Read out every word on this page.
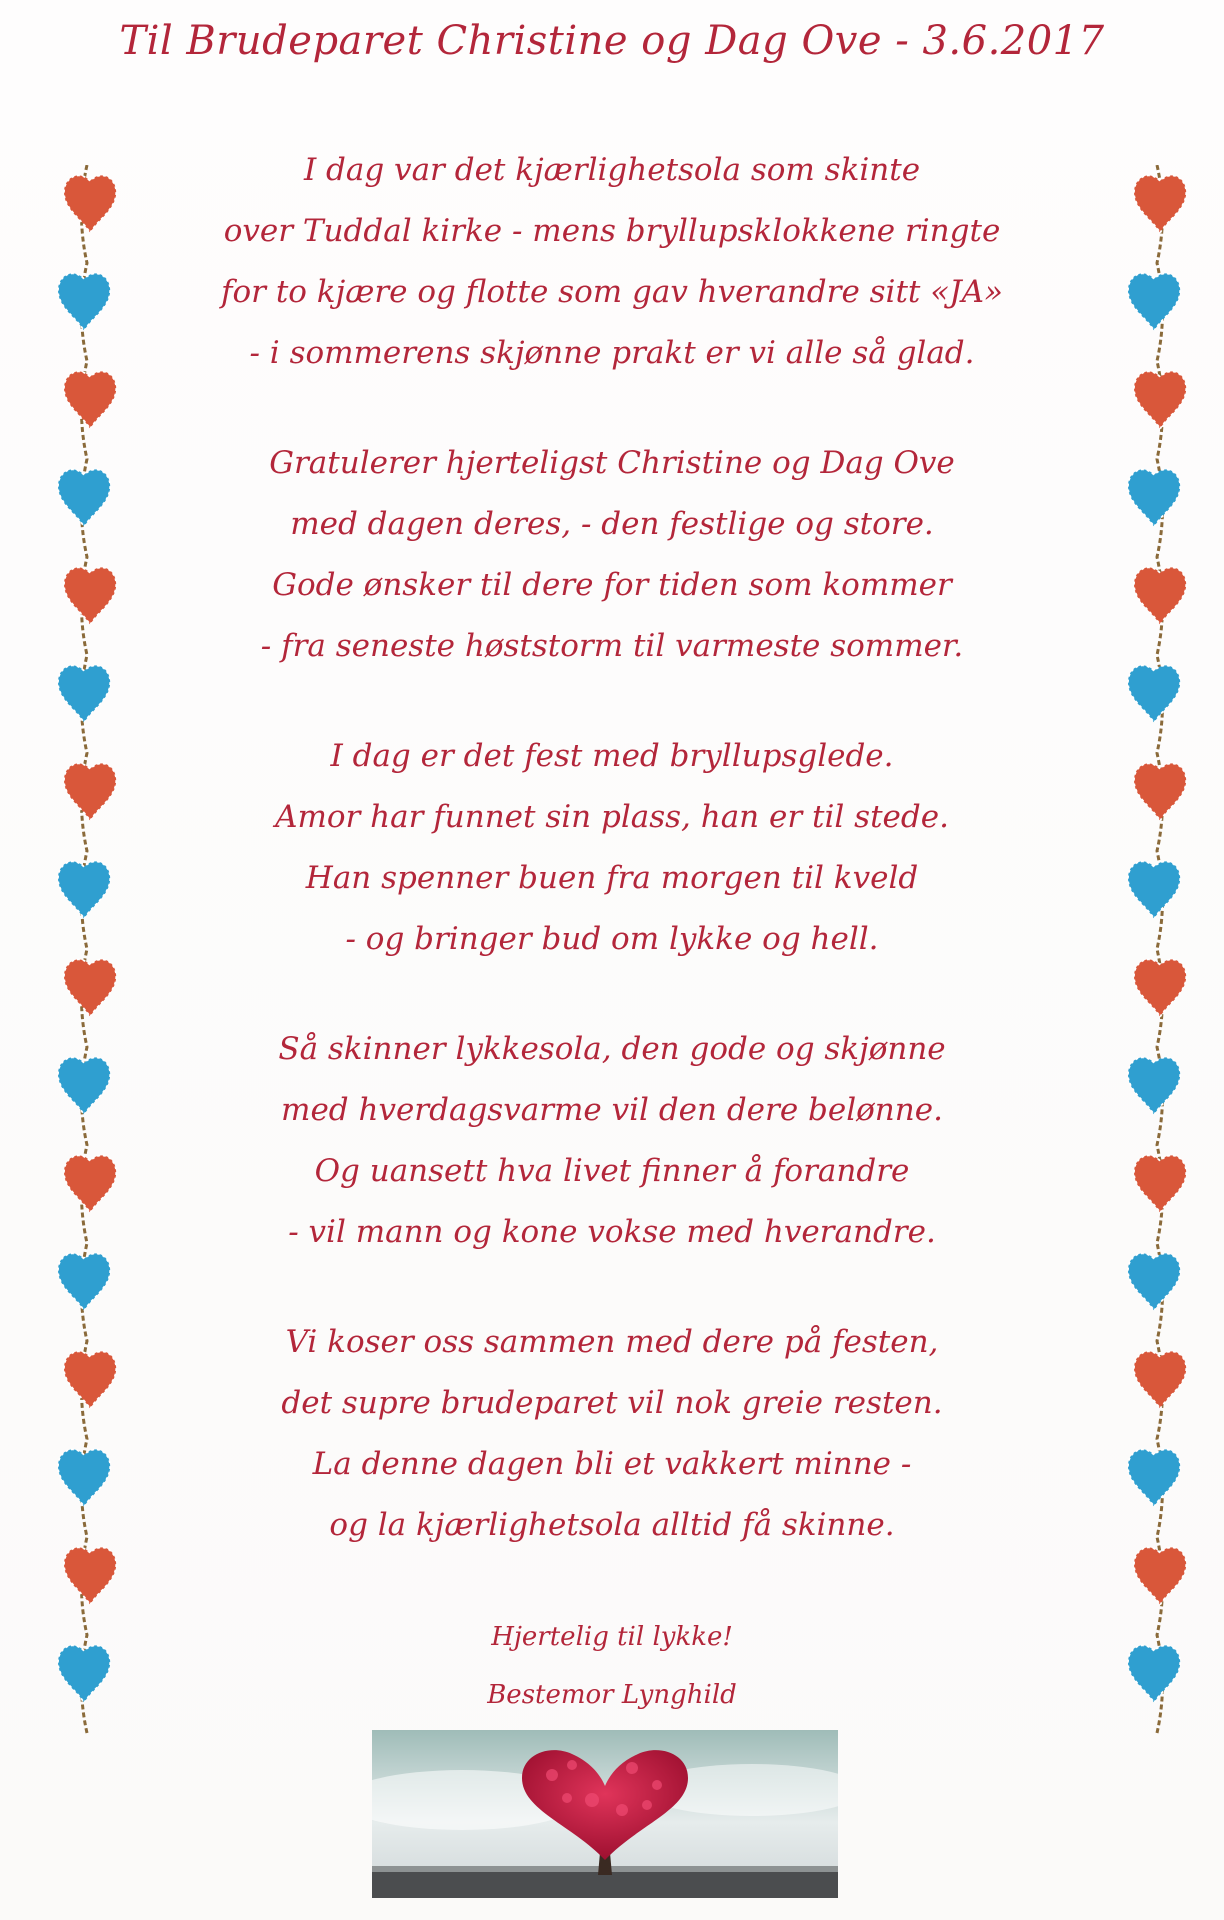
Til Brudeparet Christine og Dag Ove - 3.6.2017
I dag var det kjærlighetsola som skinte
over Tuddal kirke - mens bryllupsklokkene ringte
for to kjære og flotte som gav hverandre sitt «JA»
- i sommerens skjønne prakt er vi alle så glad.
Gratulerer hjerteligst Christine og Dag Ove
med dagen deres, - den festlige og store.
Gode ønsker til dere for tiden som kommer
- fra seneste høststorm til varmeste sommer.
I dag er det fest med bryllupsglede.
Amor har funnet sin plass, han er til stede.
Han spenner buen fra morgen til kveld
- og bringer bud om lykke og hell.
Så skinner lykkesola, den gode og skjønne
med hverdagsvarme vil den dere belønne.
Og uansett hva livet finner å forandre
- vil mann og kone vokse med hverandre.
Vi koser oss sammen med dere på festen,
det supre brudeparet vil nok greie resten.
La denne dagen bli et vakkert minne -
og la kjærlighetsola alltid få skinne.
Hjertelig til lykke!
Bestemor Lynghild
